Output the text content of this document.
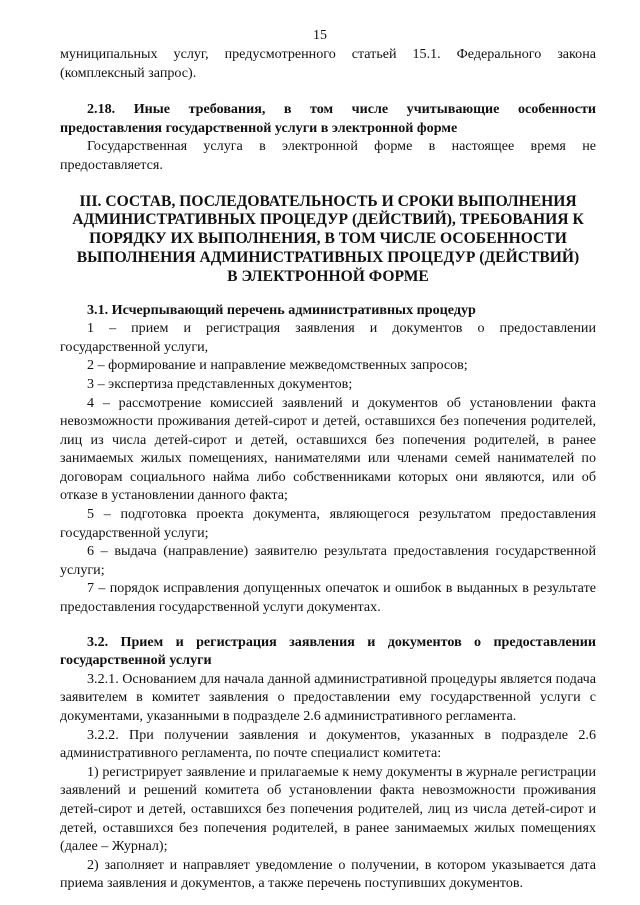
15

муниципальных услуг, предусмотренного статьей 15.1. Федерального закона (комплексный запрос).

2.18. Иные требования, в том числе учитывающие особенности предоставления государственной услуги в электронной форме

Государственная услуга в электронной форме в настоящее время не предоставляется.

III. СОСТАВ, ПОСЛЕДОВАТЕЛЬНОСТЬ И СРОКИ ВЫПОЛНЕНИЯ АДМИНИСТРАТИВНЫХ ПРОЦЕДУР (ДЕЙСТВИЙ), ТРЕБОВАНИЯ К ПОРЯДКУ ИХ ВЫПОЛНЕНИЯ, В ТОМ ЧИСЛЕ ОСОБЕННОСТИ ВЫПОЛНЕНИЯ АДМИНИСТРАТИВНЫХ ПРОЦЕДУР (ДЕЙСТВИЙ) В ЭЛЕКТРОННОЙ ФОРМЕ

3.1. Исчерпывающий перечень административных процедур

1 – прием и регистрация заявления и документов о предоставлении государственной услуги,

2 – формирование и направление межведомственных запросов;

3 – экспертиза представленных документов;

4 – рассмотрение комиссией заявлений и документов об установлении факта невозможности проживания детей-сирот и детей, оставшихся без попечения родителей, лиц из числа детей-сирот и детей, оставшихся без попечения родителей, в ранее занимаемых жилых помещениях, нанимателями или членами семей нанимателей по договорам социального найма либо собственниками которых они являются, или об отказе в установлении данного факта;

5 – подготовка проекта документа, являющегося результатом предоставления государственной услуги;

6 – выдача (направление) заявителю результата предоставления государственной услуги;

7 – порядок исправления допущенных опечаток и ошибок в выданных в результате предоставления государственной услуги документах.

3.2. Прием и регистрация заявления и документов о предоставлении государственной услуги

3.2.1. Основанием для начала данной административной процедуры является подача заявителем в комитет заявления о предоставлении ему государственной услуги с документами, указанными в подразделе 2.6 административного регламента.

3.2.2. При получении заявления и документов, указанных в подразделе 2.6 административного регламента, по почте специалист комитета:

1) регистрирует заявление и прилагаемые к нему документы в журнале регистрации заявлений и решений комитета об установлении факта невозможности проживания детей-сирот и детей, оставшихся без попечения родителей, лиц из числа детей-сирот и детей, оставшихся без попечения родителей, в ранее занимаемых жилых помещениях (далее – Журнал);

2) заполняет и направляет уведомление о получении, в котором указывается дата приема заявления и документов, а также перечень поступивших документов.
